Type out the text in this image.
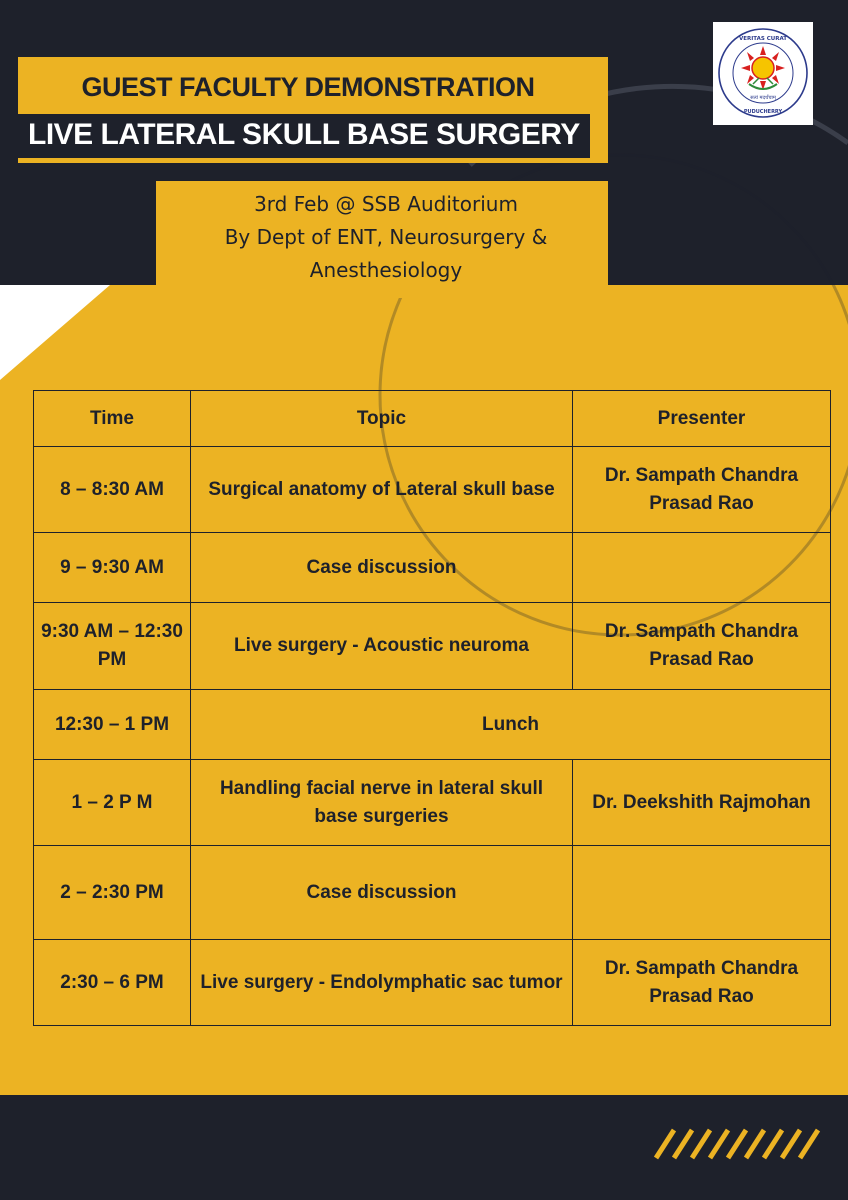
GUEST FACULTY DEMONSTRATION
LIVE LATERAL SKULL BASE SURGERY
3rd Feb @ SSB Auditorium
By Dept of ENT, Neurosurgery &
Anesthesiology
VERITAS CURAT
सत्यं मदर्थंचाम्
PUDUCHERRY
Time	Topic	Presenter
8 – 8:30 AM	Surgical anatomy of Lateral skull base	Dr. Sampath Chandra Prasad Rao
9 – 9:30 AM	Case discussion	
9:30 AM – 12:30 PM	Live surgery - Acoustic neuroma	Dr. Sampath Chandra Prasad Rao
12:30 – 1 PM	Lunch	
1 – 2 P M	Handling facial nerve in lateral skull base surgeries	Dr. Deekshith Rajmohan
2 – 2:30 PM	Case discussion	
2:30 – 6 PM	Live surgery - Endolymphatic sac tumor	Dr. Sampath Chandra Prasad Rao
